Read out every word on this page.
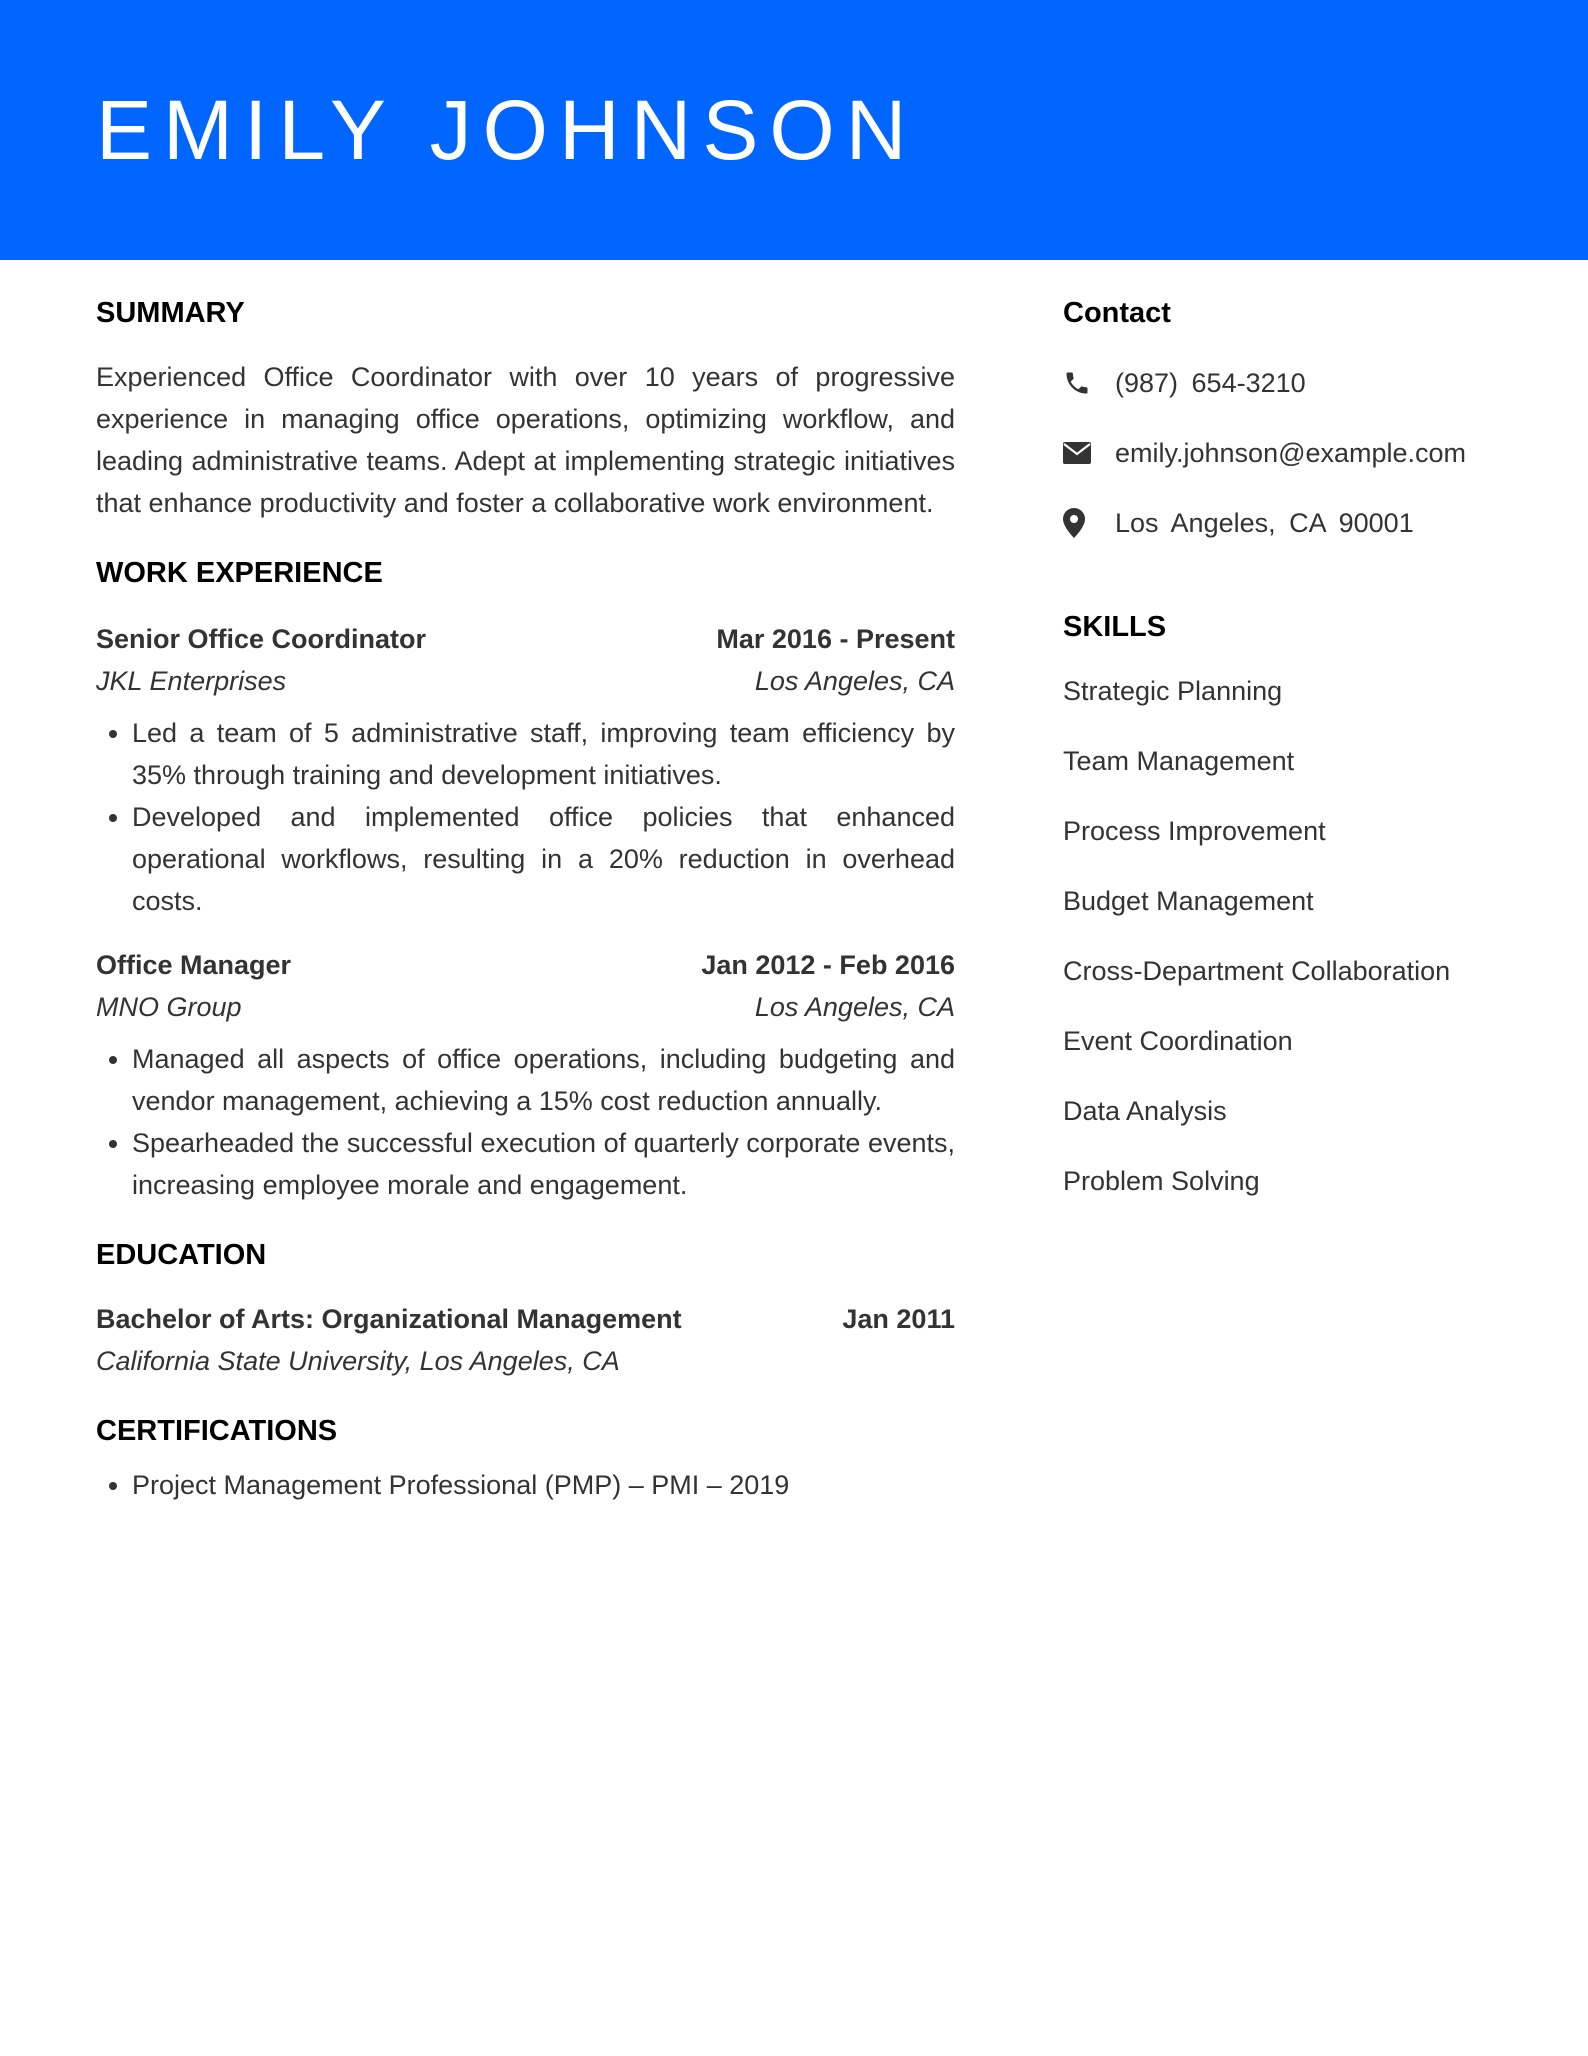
EMILY JOHNSON
SUMMARY

Experienced Office Coordinator with over 10 years of progressive experience in managing office operations, optimizing workflow, and leading administrative teams. Adept at implementing strategic initiatives that enhance productivity and foster a collaborative work environment.

WORK EXPERIENCE
Senior Office Coordinator	Mar 2016 - Present
JKL Enterprises	Los Angeles, CA
• Led a team of 5 administrative staff, improving team efficiency by 35% through training and development initiatives.
• Developed and implemented office policies that enhanced operational workflows, resulting in a 20% reduction in overhead costs.
Office Manager	Jan 2012 - Feb 2016
MNO Group	Los Angeles, CA
• Managed all aspects of office operations, including budgeting and vendor management, achieving a 15% cost reduction annually.
• Spearheaded the successful execution of quarterly corporate events, increasing employee morale and engagement.
EDUCATION
Bachelor of Arts: Organizational Management	Jan 2011
California State University, Los Angeles, CA
CERTIFICATIONS
• Project Management Professional (PMP) – PMI – 2019
Contact
(987) 654-3210
emily.johnson@example.com
Los Angeles, CA 90001
SKILLS
Strategic Planning
Team Management
Process Improvement
Budget Management
Cross-Department Collaboration
Event Coordination
Data Analysis
Problem Solving
